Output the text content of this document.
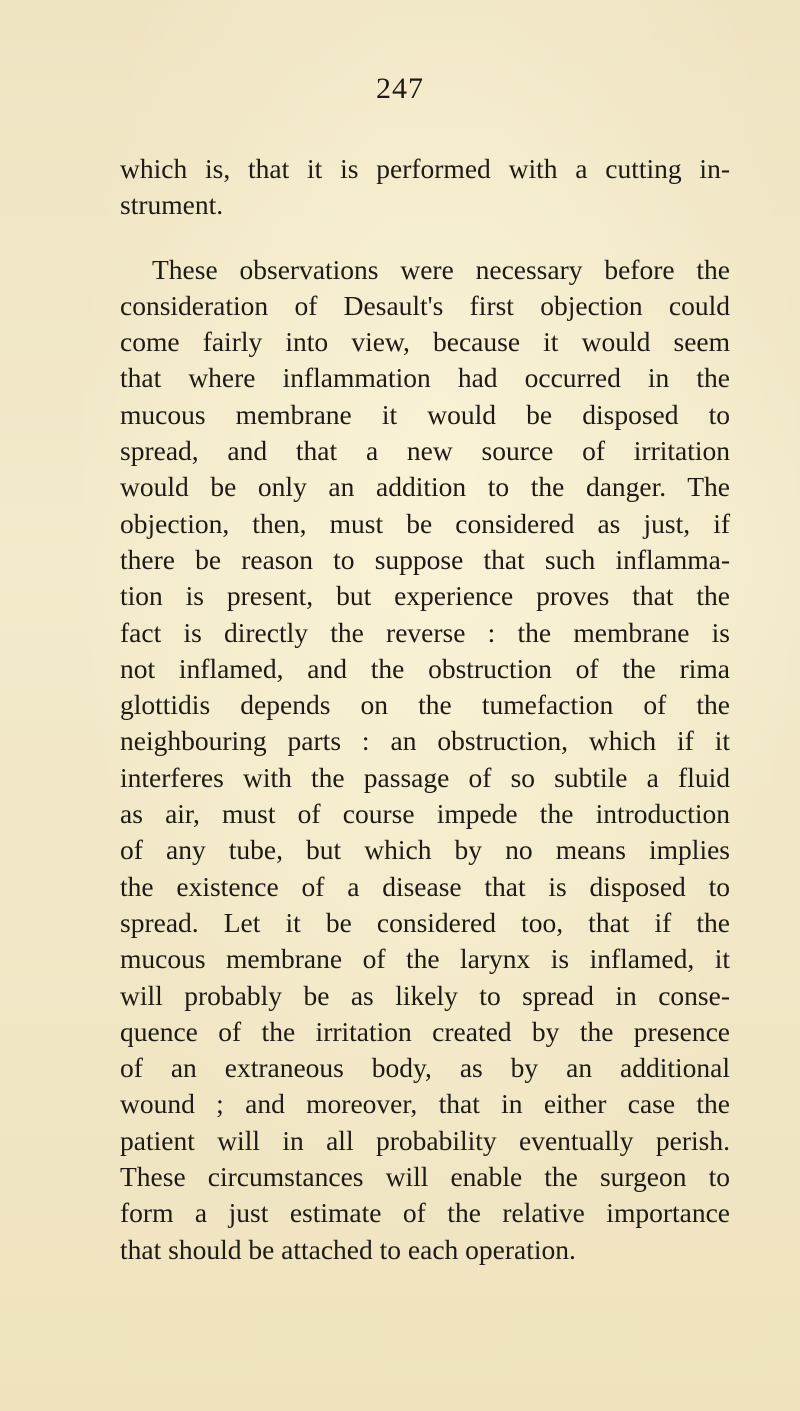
247
which is, that it is performed with a cutting in-
strument.
These observations were necessary before the
consideration of Desault's first objection could
come fairly into view, because it would seem
that where inflammation had occurred in the
mucous membrane it would be disposed to
spread, and that a new source of irritation
would be only an addition to the danger. The
objection, then, must be considered as just, if
there be reason to suppose that such inflamma-
tion is present, but experience proves that the
fact is directly the reverse : the membrane is
not inflamed, and the obstruction of the rima
glottidis depends on the tumefaction of the
neighbouring parts : an obstruction, which if it
interferes with the passage of so subtile a fluid
as air, must of course impede the introduction
of any tube, but which by no means implies
the existence of a disease that is disposed to
spread. Let it be considered too, that if the
mucous membrane of the larynx is inflamed, it
will probably be as likely to spread in conse-
quence of the irritation created by the presence
of an extraneous body, as by an additional
wound ; and moreover, that in either case the
patient will in all probability eventually perish.
These circumstances will enable the surgeon to
form a just estimate of the relative importance
that should be attached to each operation.
